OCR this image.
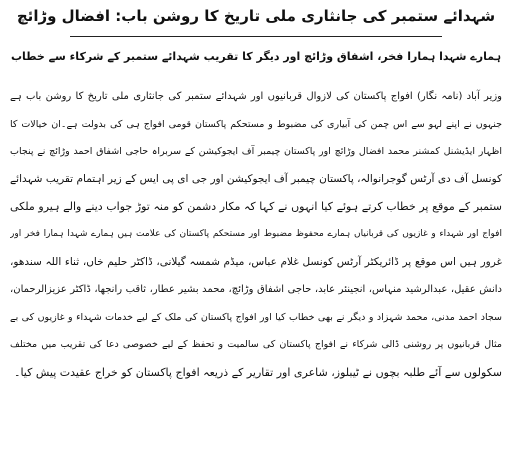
شہدائے ستمبر کی جانثاری ملی تاریخ کا روشن باب: افضال وڑائچ

ہمارے شہدا ہمارا فخر، اشفاق وڑائچ اور دیگر کا تقریب شہدائے ستمبر کے شرکاء سے خطاب

وزیر آباد (نامہ نگار) افواج پاکستان کی لازوال قربانیوں اور شہدائے ستمبر کی جانثاری ملی تاریخ کا روشن باب ہے

جنہوں نے اپنے لہو سے اس چمن کی آبیاری کی مضبوط و مستحکم پاکستان قومی افواج ہی کی بدولت ہے۔ان خیالات کا

اظہار ایڈیشنل کمشنر محمد افضال وڑائچ اور پاکستان چیمبر آف ایجوکیشن کے سربراہ حاجی اشفاق احمد وڑائچ نے پنجاب

کونسل آف دی آرٹس گوجرانوالہ، پاکستان چیمبر آف ایجوکیشن اور جی ای پی ایس کے زیر اہتمام تقریب شہدائے

ستمبر کے موقع پر خطاب کرتے ہوئے کیا انہوں نے کہا کہ مکار دشمن کو منہ توڑ جواب دینے والے ہیرو ملکی

افواج اور شہداء و غازیوں کی قربانیاں ہمارے محفوظ مضبوط اور مستحکم پاکستان کی علامت ہیں ہمارے شہدا ہمارا فخر اور

غرور ہیں اس موقع پر ڈائریکٹر آرٹس کونسل غلام عباس، میڈم شمسہ گیلانی، ڈاکٹر حلیم خاں، ثناء اللہ سندھو،

دانش عقیل، عبدالرشید منہاس، انجینئر عابد، حاجی اشفاق وڑائچ، محمد بشیر عطار، ثاقب رانجھا، ڈاکٹر عزیزالرحمان،

سجاد احمد مدنی، محمد شہزاد و دیگر نے بھی خطاب کیا اور افواج پاکستان کی ملک کے لیے خدمات شہداء و غازیوں کی بے

مثال قربانیوں پر روشنی ڈالی شرکاء نے افواج پاکستان کی سالمیت و تحفظ کے لیے خصوصی دعا کی تقریب میں مختلف

سکولوں سے آئے طلبہ بچوں نے ٹیبلوز، شاعری اور تقاریر کے ذریعہ افواج پاکستان کو خراج عقیدت پیش کیا۔
